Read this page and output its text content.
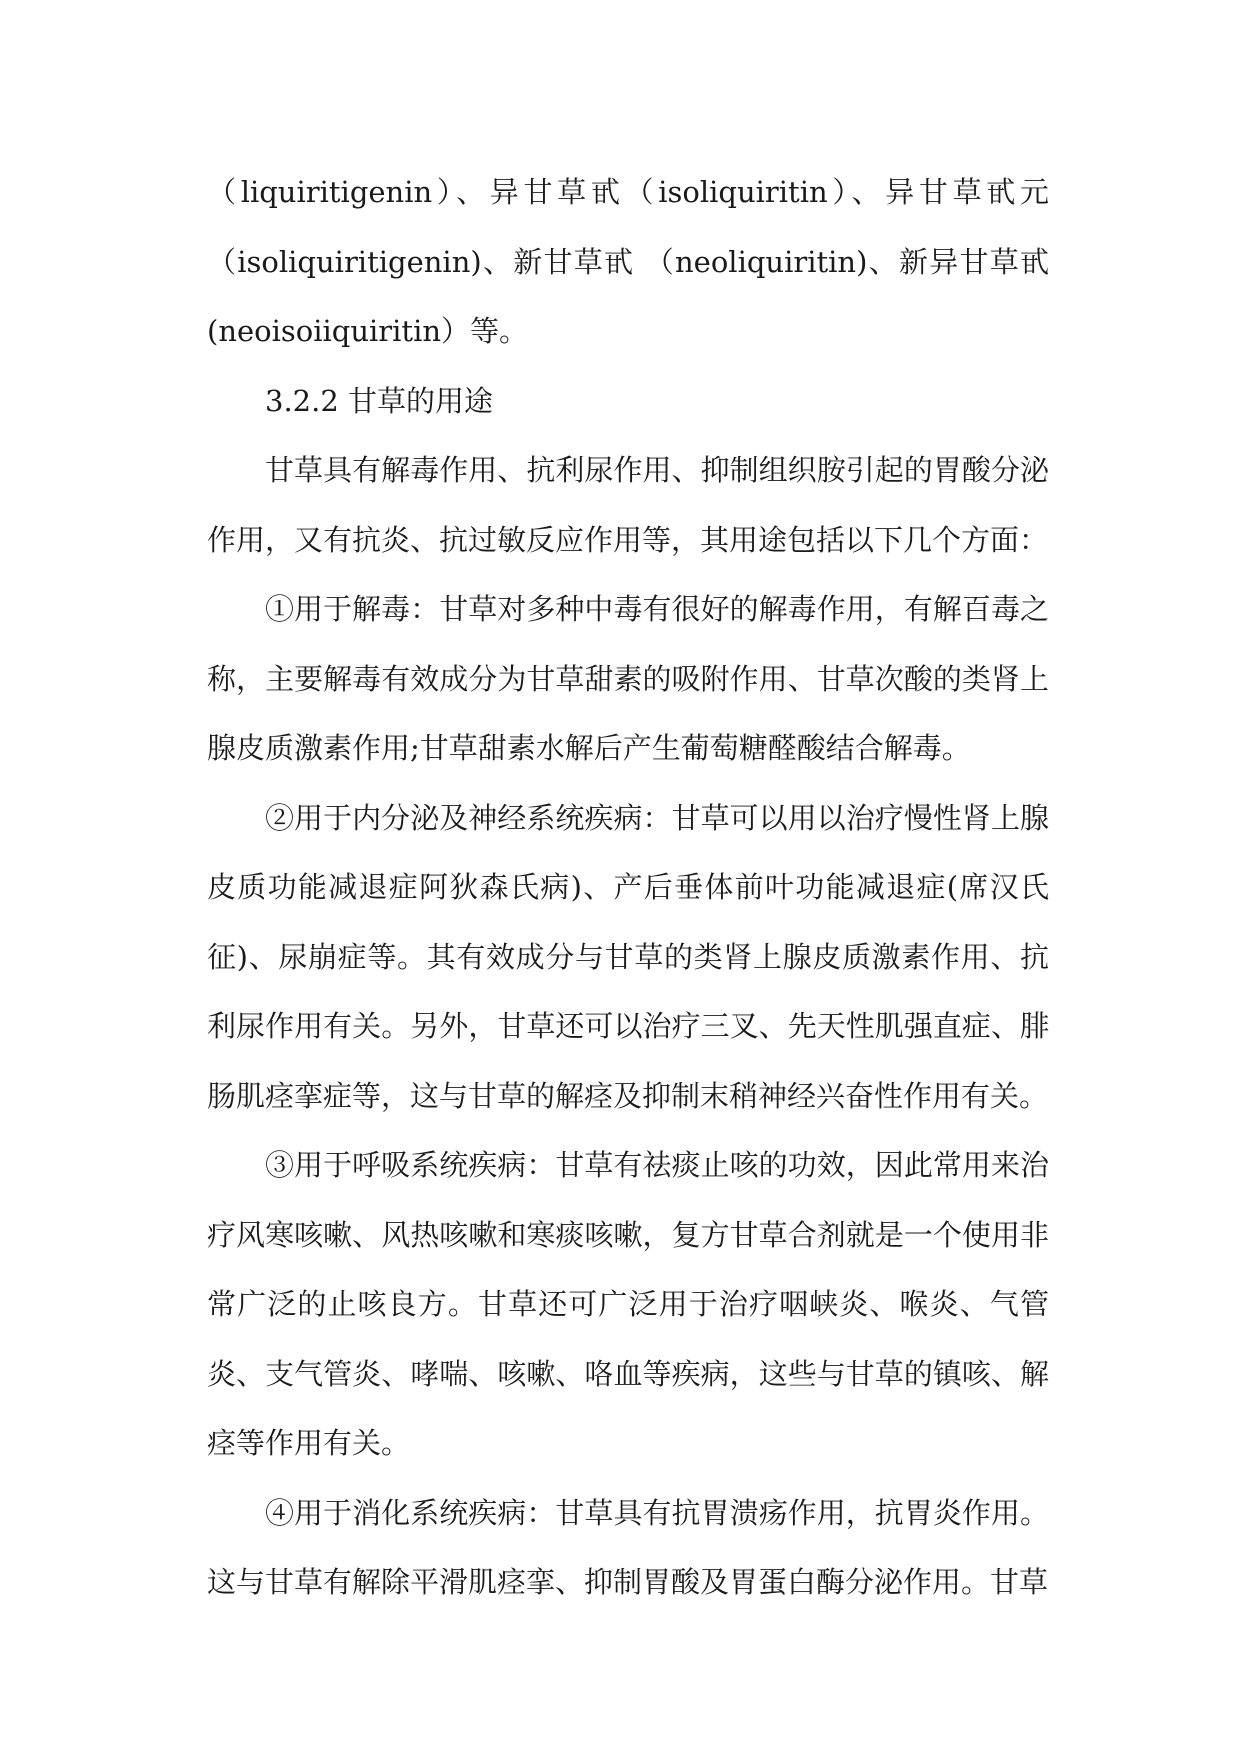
（liquiritigenin）、异甘草甙（isoliquiritin）、异甘草甙元（isoliquiritigenin)、新甘草甙 （neoliquiritin)、新异甘草甙(neoisoiiquiritin）等。

3.2.2 甘草的用途

甘草具有解毒作用、抗利尿作用、抑制组织胺引起的胃酸分泌作用，又有抗炎、抗过敏反应作用等，其用途包括以下几个方面：

①用于解毒：甘草对多种中毒有很好的解毒作用，有解百毒之称，主要解毒有效成分为甘草甜素的吸附作用、甘草次酸的类肾上腺皮质激素作用;甘草甜素水解后产生葡萄糖醛酸结合解毒。

②用于内分泌及神经系统疾病：甘草可以用以治疗慢性肾上腺皮质功能减退症阿狄森氏病)、产后垂体前叶功能减退症(席汉氏征)、尿崩症等。其有效成分与甘草的类肾上腺皮质激素作用、抗利尿作用有关。另外，甘草还可以治疗三叉、先天性肌强直症、腓肠肌痉挛症等，这与甘草的解痉及抑制末稍神经兴奋性作用有关。

③用于呼吸系统疾病：甘草有祛痰止咳的功效，因此常用来治疗风寒咳嗽、风热咳嗽和寒痰咳嗽，复方甘草合剂就是一个使用非常广泛的止咳良方。甘草还可广泛用于治疗咽峡炎、喉炎、气管炎、支气管炎、哮喘、咳嗽、咯血等疾病，这些与甘草的镇咳、解痉等作用有关。

④用于消化系统疾病：甘草具有抗胃溃疡作用，抗胃炎作用。这与甘草有解除平滑肌痉挛、抑制胃酸及胃蛋白酶分泌作用。甘草
